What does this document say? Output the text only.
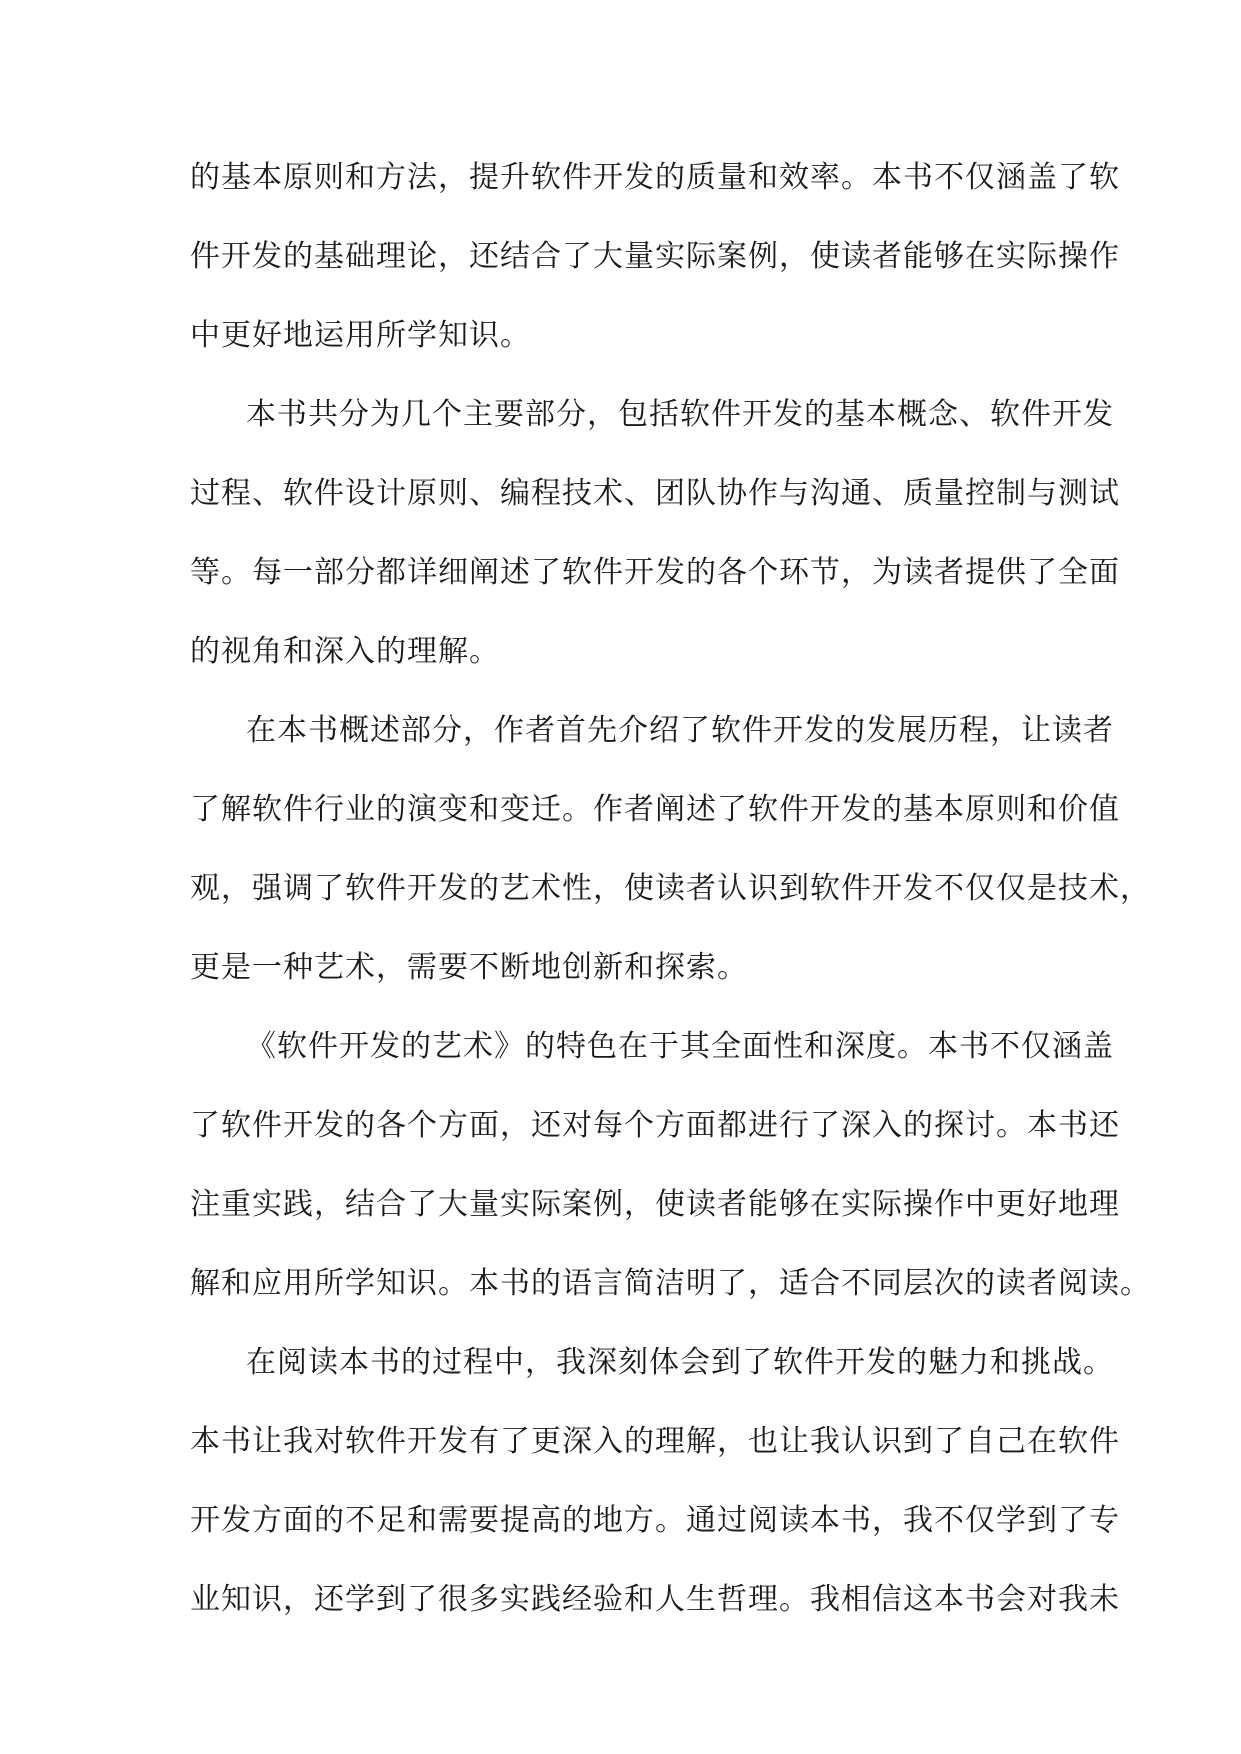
的基本原则和方法，提升软件开发的质量和效率。本书不仅涵盖了软
件开发的基础理论，还结合了大量实际案例，使读者能够在实际操作
中更好地运用所学知识。
本书共分为几个主要部分，包括软件开发的基本概念、软件开发
过程、软件设计原则、编程技术、团队协作与沟通、质量控制与测试
等。每一部分都详细阐述了软件开发的各个环节，为读者提供了全面
的视角和深入的理解。
在本书概述部分，作者首先介绍了软件开发的发展历程，让读者
了解软件行业的演变和变迁。作者阐述了软件开发的基本原则和价值
观，强调了软件开发的艺术性，使读者认识到软件开发不仅仅是技术，
更是一种艺术，需要不断地创新和探索。
《软件开发的艺术》的特色在于其全面性和深度。本书不仅涵盖
了软件开发的各个方面，还对每个方面都进行了深入的探讨。本书还
注重实践，结合了大量实际案例，使读者能够在实际操作中更好地理
解和应用所学知识。本书的语言简洁明了，适合不同层次的读者阅读。
在阅读本书的过程中，我深刻体会到了软件开发的魅力和挑战。
本书让我对软件开发有了更深入的理解，也让我认识到了自己在软件
开发方面的不足和需要提高的地方。通过阅读本书，我不仅学到了专
业知识，还学到了很多实践经验和人生哲理。我相信这本书会对我未
